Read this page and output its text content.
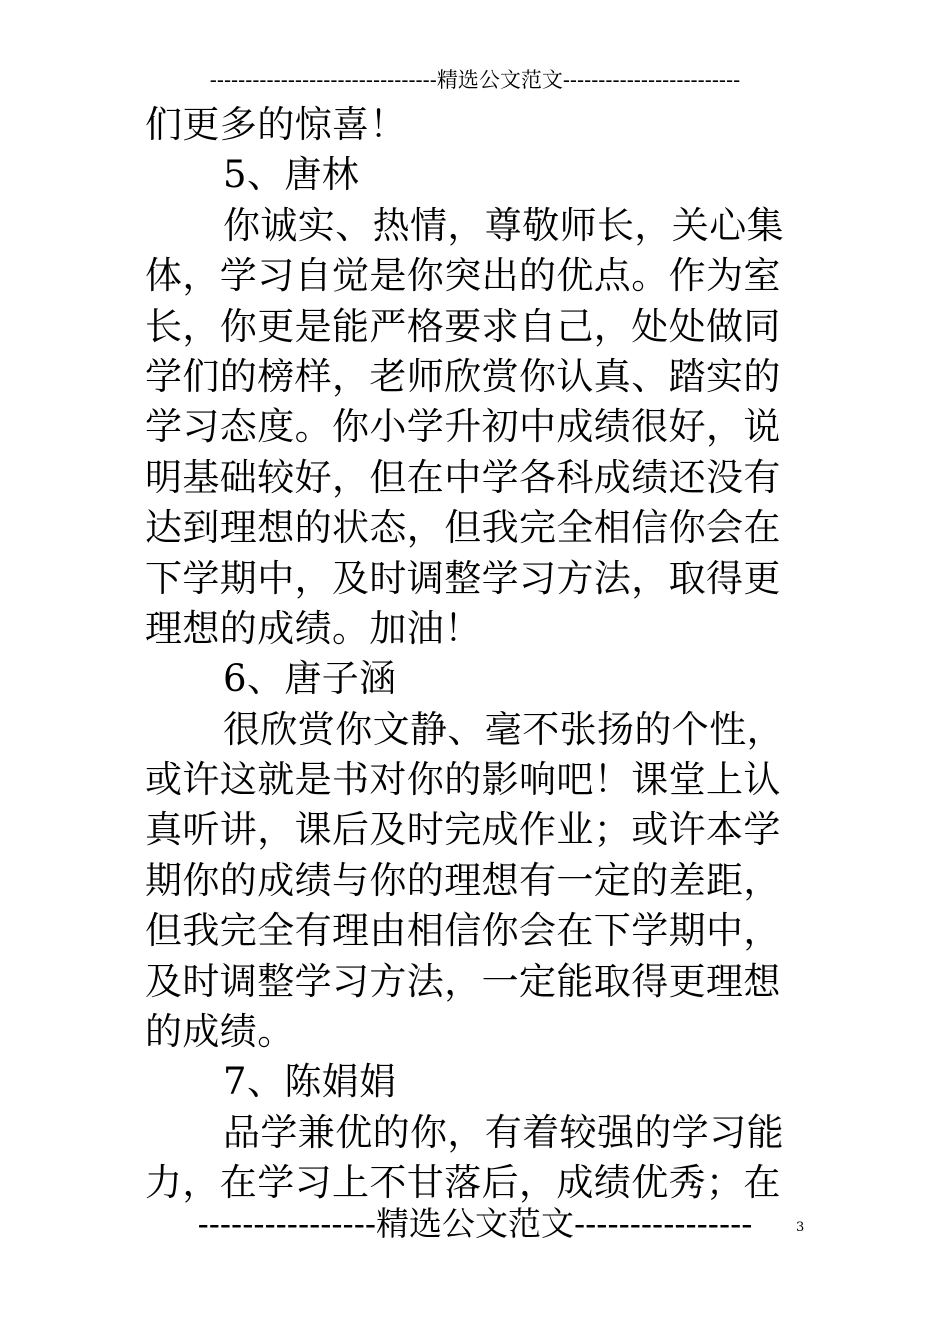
--------------------------------精选公文范文-------------------------
们更多的惊喜！
5、唐林
你诚实、热情，尊敬师长，关心集
体，学习自觉是你突出的优点。作为室
长，你更是能严格要求自己，处处做同
学们的榜样，老师欣赏你认真、踏实的
学习态度。你小学升初中成绩很好，说
明基础较好，但在中学各科成绩还没有
达到理想的状态，但我完全相信你会在
下学期中，及时调整学习方法，取得更
理想的成绩。加油！
6、唐子涵
很欣赏你文静、毫不张扬的个性，
或许这就是书对你的影响吧！课堂上认
真听讲，课后及时完成作业；或许本学
期你的成绩与你的理想有一定的差距，
但我完全有理由相信你会在下学期中，
及时调整学习方法，一定能取得更理想
的成绩。
7、陈娟娟
品学兼优的你，有着较强的学习能
力，在学习上不甘落后，成绩优秀；在
----------------精选公文范文----------------	3
